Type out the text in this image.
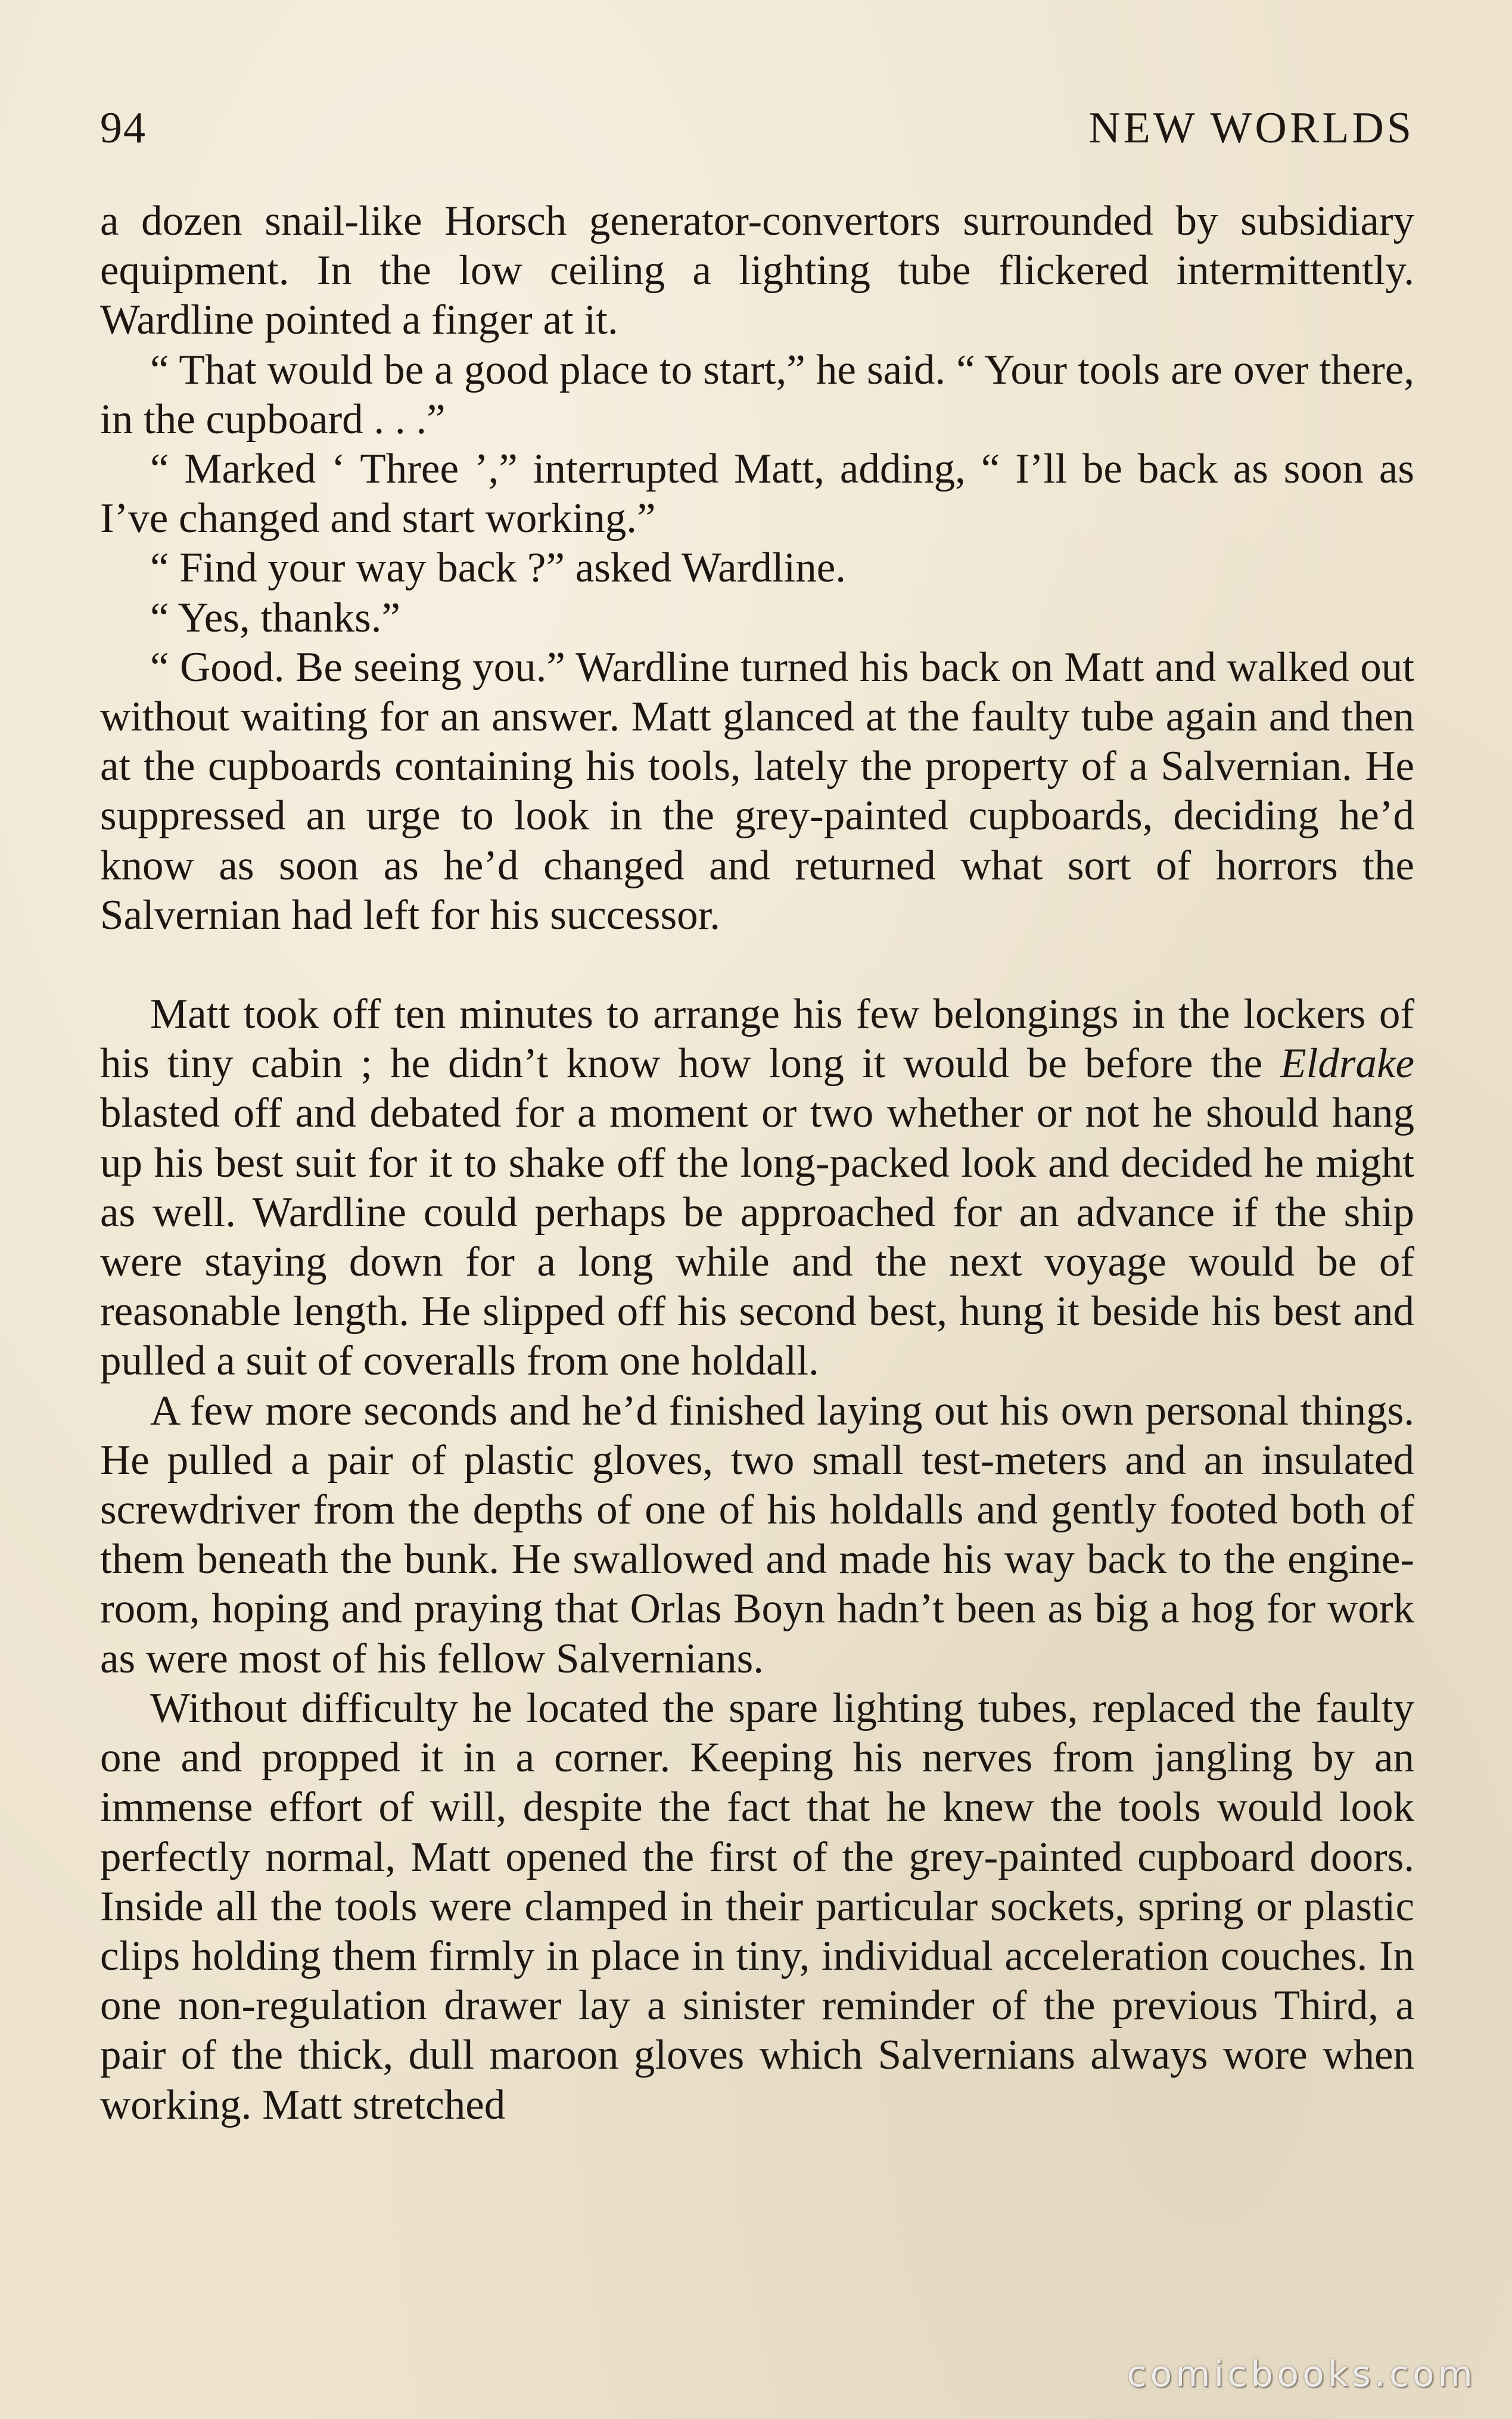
94	NEW WORLDS

a dozen snail-like Horsch generator-convertors surrounded by subsidiary equipment. In the low ceiling a lighting tube flickered intermittently. Wardline pointed a finger at it.

“ That would be a good place to start,” he said. “ Your tools are over there, in the cupboard . . .”

“ Marked ‘ Three ’,” interrupted Matt, adding, “ I’ll be back as soon as I’ve changed and start working.”

“ Find your way back ?” asked Wardline.

“ Yes, thanks.”

“ Good. Be seeing you.” Wardline turned his back on Matt and walked out without waiting for an answer. Matt glanced at the faulty tube again and then at the cupboards containing his tools, lately the property of a Salvernian. He suppressed an urge to look in the grey-painted cupboards, deciding he’d know as soon as he’d changed and returned what sort of horrors the Salvernian had left for his successor.

Matt took off ten minutes to arrange his few belongings in the lockers of his tiny cabin ; he didn’t know how long it would be before the Eldrake blasted off and debated for a moment or two whether or not he should hang up his best suit for it to shake off the long-packed look and decided he might as well. Wardline could perhaps be approached for an advance if the ship were staying down for a long while and the next voyage would be of reasonable length. He slipped off his second best, hung it beside his best and pulled a suit of coveralls from one holdall.

A few more seconds and he’d finished laying out his own personal things. He pulled a pair of plastic gloves, two small test-meters and an insulated screwdriver from the depths of one of his holdalls and gently footed both of them beneath the bunk. He swallowed and made his way back to the engine-room, hoping and praying that Orlas Boyn hadn’t been as big a hog for work as were most of his fellow Salvernians.

Without difficulty he located the spare lighting tubes, replaced the faulty one and propped it in a corner. Keeping his nerves from jangling by an immense effort of will, despite the fact that he knew the tools would look perfectly normal, Matt opened the first of the grey-painted cupboard doors. Inside all the tools were clamped in their particular sockets, spring or plastic clips holding them firmly in place in tiny, individual acceleration couches. In one non-regulation drawer lay a sinister reminder of the previous Third, a pair of the thick, dull maroon gloves which Salvernians always wore when working. Matt stretched

comicbooks.com
